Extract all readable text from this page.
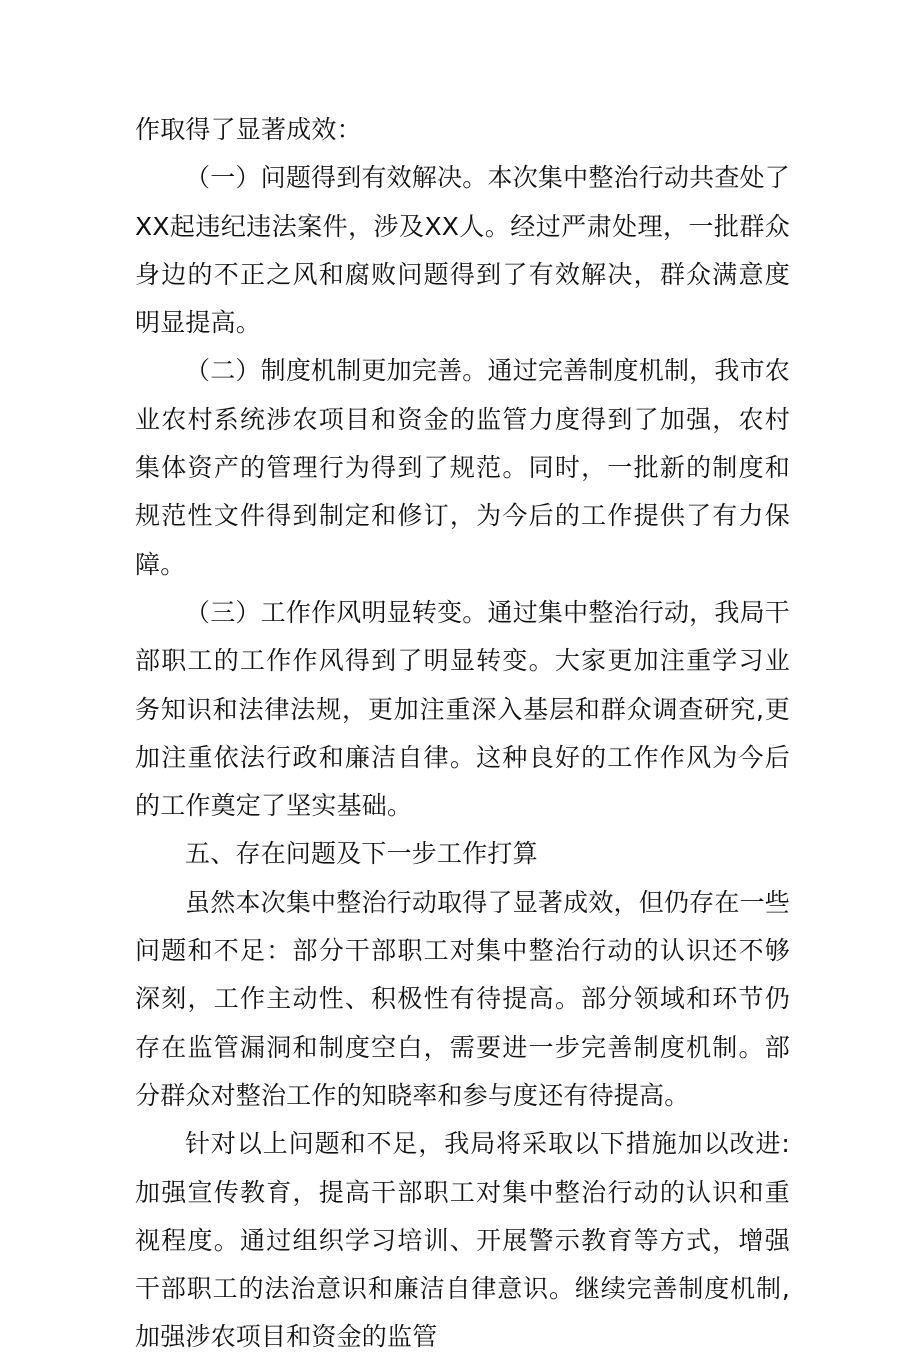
作取得了显著成效：

（一）问题得到有效解决。本次集中整治行动共查处了XX起违纪违法案件，涉及XX人。经过严肃处理，一批群众身边的不正之风和腐败问题得到了有效解决，群众满意度明显提高。

（二）制度机制更加完善。通过完善制度机制，我市农业农村系统涉农项目和资金的监管力度得到了加强，农村集体资产的管理行为得到了规范。同时，一批新的制度和规范性文件得到制定和修订，为今后的工作提供了有力保障。

（三）工作作风明显转变。通过集中整治行动，我局干部职工的工作作风得到了明显转变。大家更加注重学习业务知识和法律法规，更加注重深入基层和群众调查研究,更加注重依法行政和廉洁自律。这种良好的工作作风为今后的工作奠定了坚实基础。

五、存在问题及下一步工作打算

虽然本次集中整治行动取得了显著成效，但仍存在一些问题和不足：部分干部职工对集中整治行动的认识还不够深刻，工作主动性、积极性有待提高。部分领域和环节仍存在监管漏洞和制度空白，需要进一步完善制度机制。部分群众对整治工作的知晓率和参与度还有待提高。

针对以上问题和不足，我局将采取以下措施加以改进:加强宣传教育，提高干部职工对集中整治行动的认识和重视程度。通过组织学习培训、开展警示教育等方式，增强干部职工的法治意识和廉洁自律意识。继续完善制度机制,加强涉农项目和资金的监管
